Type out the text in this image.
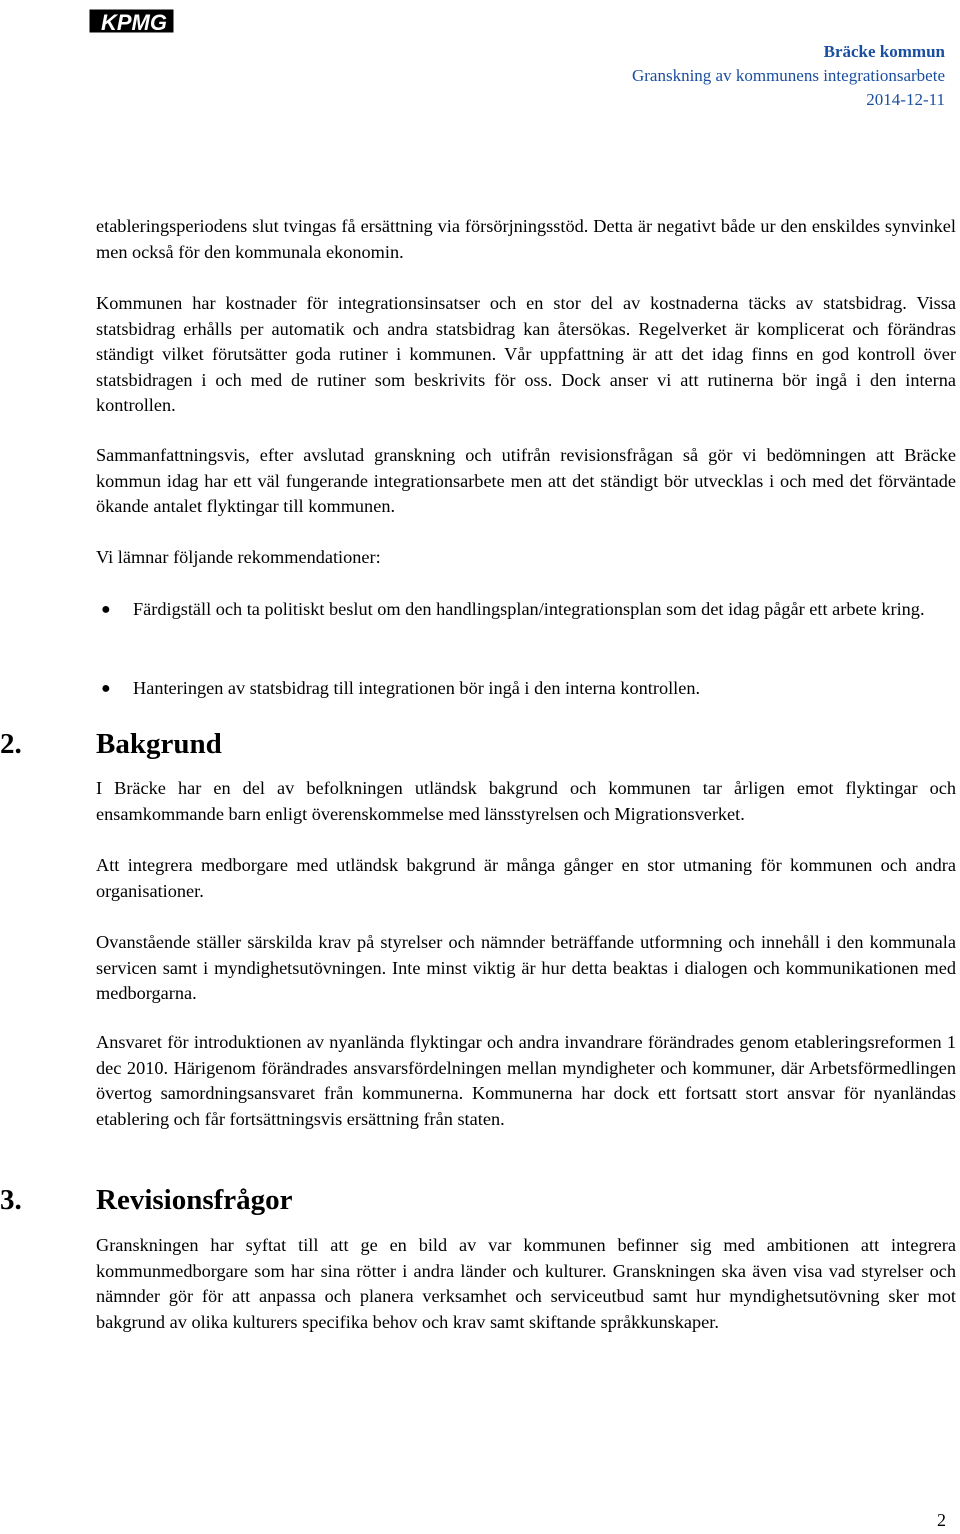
KPMG
Bräcke kommun
Granskning av kommunens integrationsarbete
2014-12-11
etableringsperiodens slut tvingas få ersättning via försörjningsstöd. Detta är negativt både ur den enskildes synvinkel men också för den kommunala ekonomin.
Kommunen har kostnader för integrationsinsatser och en stor del av kostnaderna täcks av statsbidrag. Vissa statsbidrag erhålls per automatik och andra statsbidrag kan återsökas. Regelverket är komplicerat och förändras ständigt vilket förutsätter goda rutiner i kommunen. Vår uppfattning är att det idag finns en god kontroll över statsbidragen i och med de rutiner som beskrivits för oss. Dock anser vi att rutinerna bör ingå i den interna kontrollen.
Sammanfattningsvis, efter avslutad granskning och utifrån revisionsfrågan så gör vi bedömningen att Bräcke kommun idag har ett väl fungerande integrationsarbete men att det ständigt bör utvecklas i och med det förväntade ökande antalet flyktingar till kommunen.
Vi lämnar följande rekommendationer:
● Färdigställ och ta politiskt beslut om den handlingsplan/integrationsplan som det idag pågår ett arbete kring.
● Hanteringen av statsbidrag till integrationen bör ingå i den interna kontrollen.
2.	Bakgrund
I Bräcke har en del av befolkningen utländsk bakgrund och kommunen tar årligen emot flyktingar och ensamkommande barn enligt överenskommelse med länsstyrelsen och Migrationsverket.
Att integrera medborgare med utländsk bakgrund är många gånger en stor utmaning för kommunen och andra organisationer.
Ovanstående ställer särskilda krav på styrelser och nämnder beträffande utformning och innehåll i den kommunala servicen samt i myndighetsutövningen. Inte minst viktig är hur detta beaktas i dialogen och kommunikationen med medborgarna.
Ansvaret för introduktionen av nyanlända flyktingar och andra invandrare förändrades genom etableringsreformen 1 dec 2010. Härigenom förändrades ansvarsfördelningen mellan myndigheter och kommuner, där Arbetsförmedlingen övertog samordningsansvaret från kommunerna. Kommunerna har dock ett fortsatt stort ansvar för nyanländas etablering och får fortsättningsvis ersättning från staten.
3.	Revisionsfrågor
Granskningen har syftat till att ge en bild av var kommunen befinner sig med ambitionen att integrera kommunmedborgare som har sina rötter i andra länder och kulturer. Granskningen ska även visa vad styrelser och nämnder gör för att anpassa och planera verksamhet och serviceutbud samt hur myndighetsutövning sker mot bakgrund av olika kulturers specifika behov och krav samt skiftande språkkunskaper.
2
